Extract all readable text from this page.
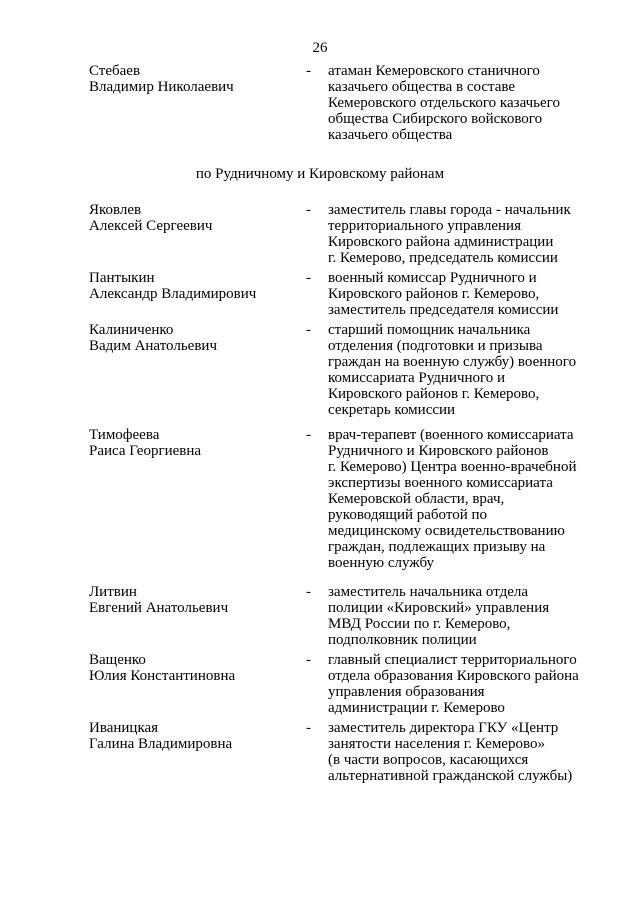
26
Стебаев
Владимир Николаевич
- атаман Кемеровского станичного
казачьего общества в составе
Кемеровского отдельского казачьего
общества Сибирского войскового
казачьего общества
по Рудничному и Кировскому районам
Яковлев
Алексей Сергеевич
- заместитель главы города - начальник
территориального управления
Кировского района администрации
г. Кемерово, председатель комиссии
Пантыкин
Александр Владимирович
- военный комиссар Рудничного и
Кировского районов г. Кемерово,
заместитель председателя комиссии
Калиниченко
Вадим Анатольевич
- старший помощник начальника
отделения (подготовки и призыва
граждан на военную службу) военного
комиссариата Рудничного и
Кировского районов г. Кемерово,
секретарь комиссии
Тимофеева
Раиса Георгиевна
- врач-терапевт (военного комиссариата
Рудничного и Кировского районов
г. Кемерово) Центра военно-врачебной
экспертизы военного комиссариата
Кемеровской области, врач,
руководящий работой по
медицинскому освидетельствованию
граждан, подлежащих призыву на
военную службу
Литвин
Евгений Анатольевич
- заместитель начальника отдела
полиции «Кировский» управления
МВД России по г. Кемерово,
подполковник полиции
Ващенко
Юлия Константиновна
- главный специалист территориального
отдела образования Кировского района
управления образования
администрации г. Кемерово
Иваницкая
Галина Владимировна
- заместитель директора ГКУ «Центр
занятости населения г. Кемерово»
(в части вопросов, касающихся
альтернативной гражданской службы)
